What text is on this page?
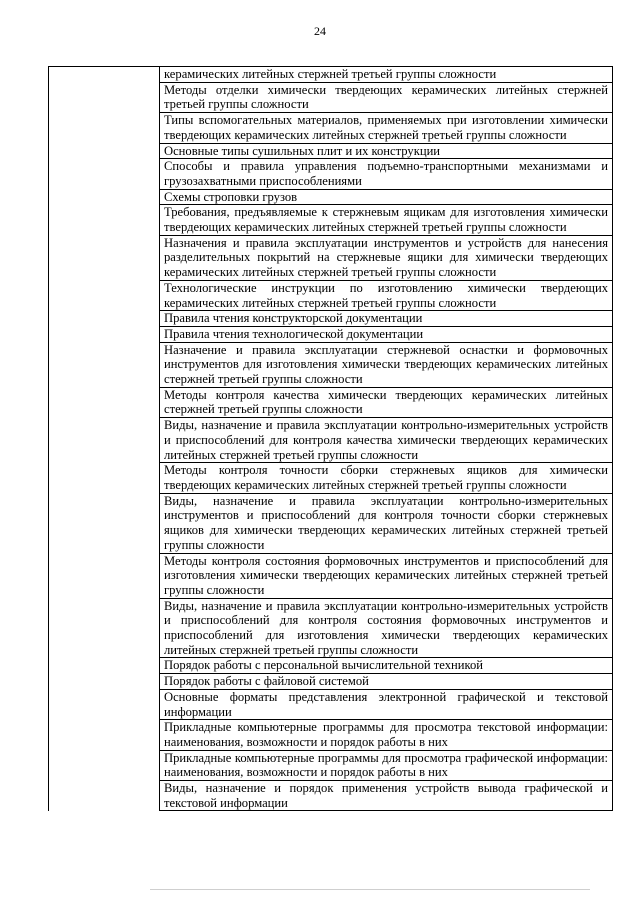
24
	керамических литейных стержней третьей группы сложности
Методы отделки химически твердеющих керамических литейных стержней третьей группы сложности
Типы вспомогательных материалов, применяемых при изготовлении химически твердеющих керамических литейных стержней третьей группы сложности
Основные типы сушильных плит и их конструкции
Способы и правила управления подъемно-транспортными механизмами и грузозахватными приспособлениями
Схемы строповки грузов
Требования, предъявляемые к стержневым ящикам для изготовления химически твердеющих керамических литейных стержней третьей группы сложности
Назначения и правила эксплуатации инструментов и устройств для нанесения разделительных покрытий на стержневые ящики для химически твердеющих керамических литейных стержней третьей группы сложности
Технологические инструкции по изготовлению химически твердеющих керамических литейных стержней третьей группы сложности
Правила чтения конструкторской документации
Правила чтения технологической документации
Назначение и правила эксплуатации стержневой оснастки и формовочных инструментов для изготовления химически твердеющих керамических литейных стержней третьей группы сложности
Методы контроля качества химически твердеющих керамических литейных стержней третьей группы сложности
Виды, назначение и правила эксплуатации контрольно-измерительных устройств и приспособлений для контроля качества химически твердеющих керамических литейных стержней третьей группы сложности
Методы контроля точности сборки стержневых ящиков для химически твердеющих керамических литейных стержней третьей группы сложности
Виды, назначение и правила эксплуатации контрольно-измерительных инструментов и приспособлений для контроля точности сборки стержневых ящиков для химически твердеющих керамических литейных стержней третьей группы сложности
Методы контроля состояния формовочных инструментов и приспособлений для изготовления химически твердеющих керамических литейных стержней третьей группы сложности
Виды, назначение и правила эксплуатации контрольно-измерительных устройств и приспособлений для контроля состояния формовочных инструментов и приспособлений для изготовления химически твердеющих керамических литейных стержней третьей группы сложности
Порядок работы с персональной вычислительной техникой
Порядок работы с файловой системой
Основные форматы представления электронной графической и текстовой информации
Прикладные компьютерные программы для просмотра текстовой информации: наименования, возможности и порядок работы в них
Прикладные компьютерные программы для просмотра графической информации: наименования, возможности и порядок работы в них
Виды, назначение и порядок применения устройств вывода графической и текстовой информации
